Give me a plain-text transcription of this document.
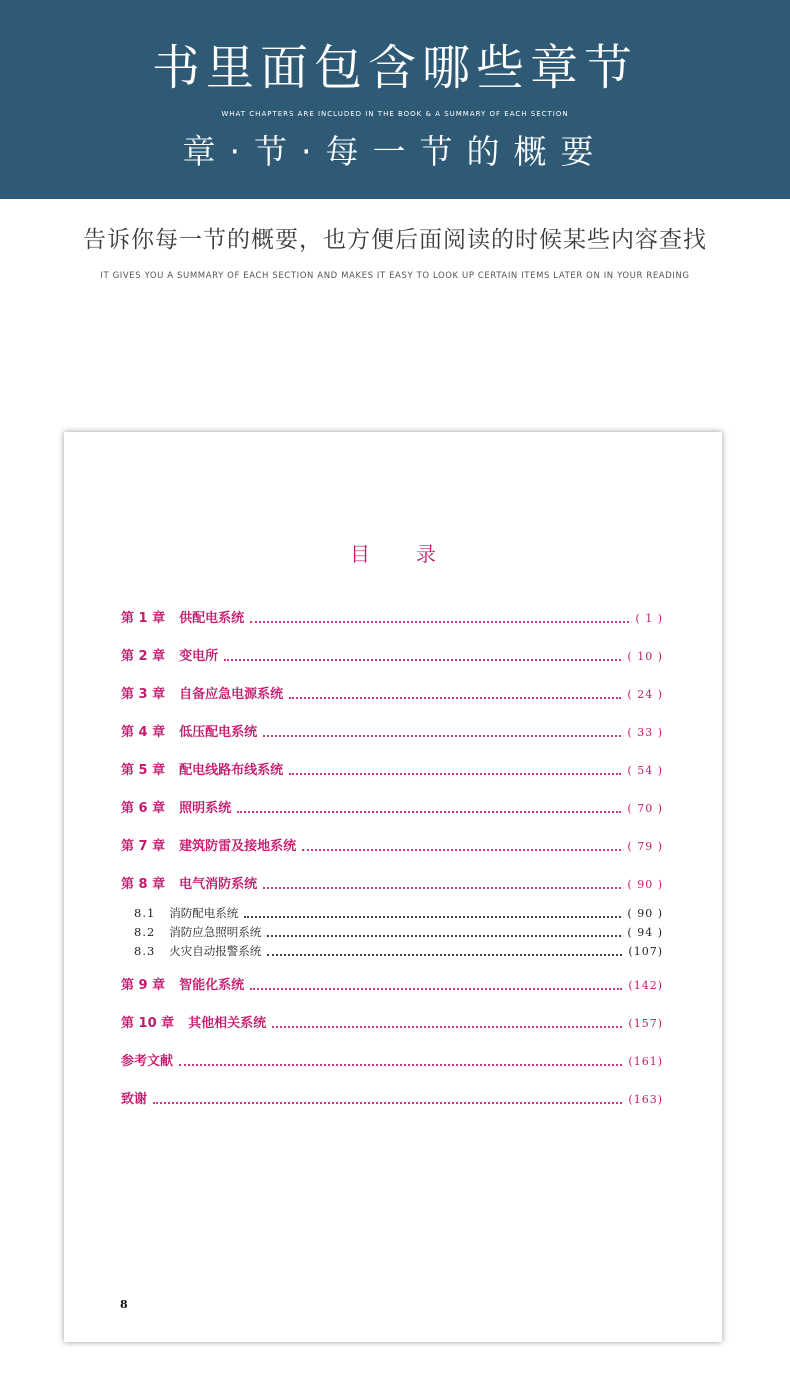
书里面包含哪些章节
WHAT CHAPTERS ARE INCLUDED IN THE BOOK & A SUMMARY OF EACH SECTION
章·节·每一节的概要
告诉你每一节的概要，也方便后面阅读的时候某些内容查找
IT GIVES YOU A SUMMARY OF EACH SECTION AND MAKES IT EASY TO LOOK UP CERTAIN ITEMS LATER ON IN YOUR READING
目 录
第 1 章 供配电系统	( 1 )
第 2 章 变电所	( 10 )
第 3 章 自备应急电源系统	( 24 )
第 4 章 低压配电系统	( 33 )
第 5 章 配电线路布线系统	( 54 )
第 6 章 照明系统	( 70 )
第 7 章 建筑防雷及接地系统	( 79 )
第 8 章 电气消防系统	( 90 )
8.1 消防配电系统	( 90 )
8.2 消防应急照明系统	( 94 )
8.3 火灾自动报警系统	(107)
第 9 章 智能化系统	(142)
第 10 章 其他相关系统	(157)
参考文献	(161)
致谢	(163)
8
